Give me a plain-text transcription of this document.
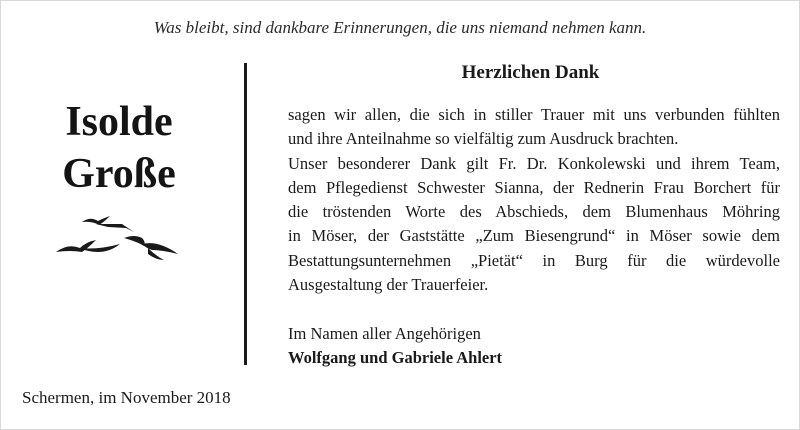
Was bleibt, sind dankbare Erinnerungen, die uns niemand nehmen kann.
Isolde
Große
Schermen, im November 2018
Herzlichen Dank
sagen wir allen, die sich in stiller Trauer mit uns verbunden fühlten
und ihre Anteilnahme so vielfältig zum Ausdruck brachten.
Unser besonderer Dank gilt Fr. Dr. Konkolewski und ihrem Team,
dem Pflegedienst Schwester Sianna, der Rednerin Frau Borchert für
die tröstenden Worte des Abschieds, dem Blumenhaus Möhring
in Möser, der Gaststätte „Zum Biesengrund“ in Möser sowie dem
Bestattungsunternehmen „Pietät“ in Burg für die würdevolle
Ausgestaltung der Trauerfeier.
Im Namen aller Angehörigen
Wolfgang und Gabriele Ahlert
